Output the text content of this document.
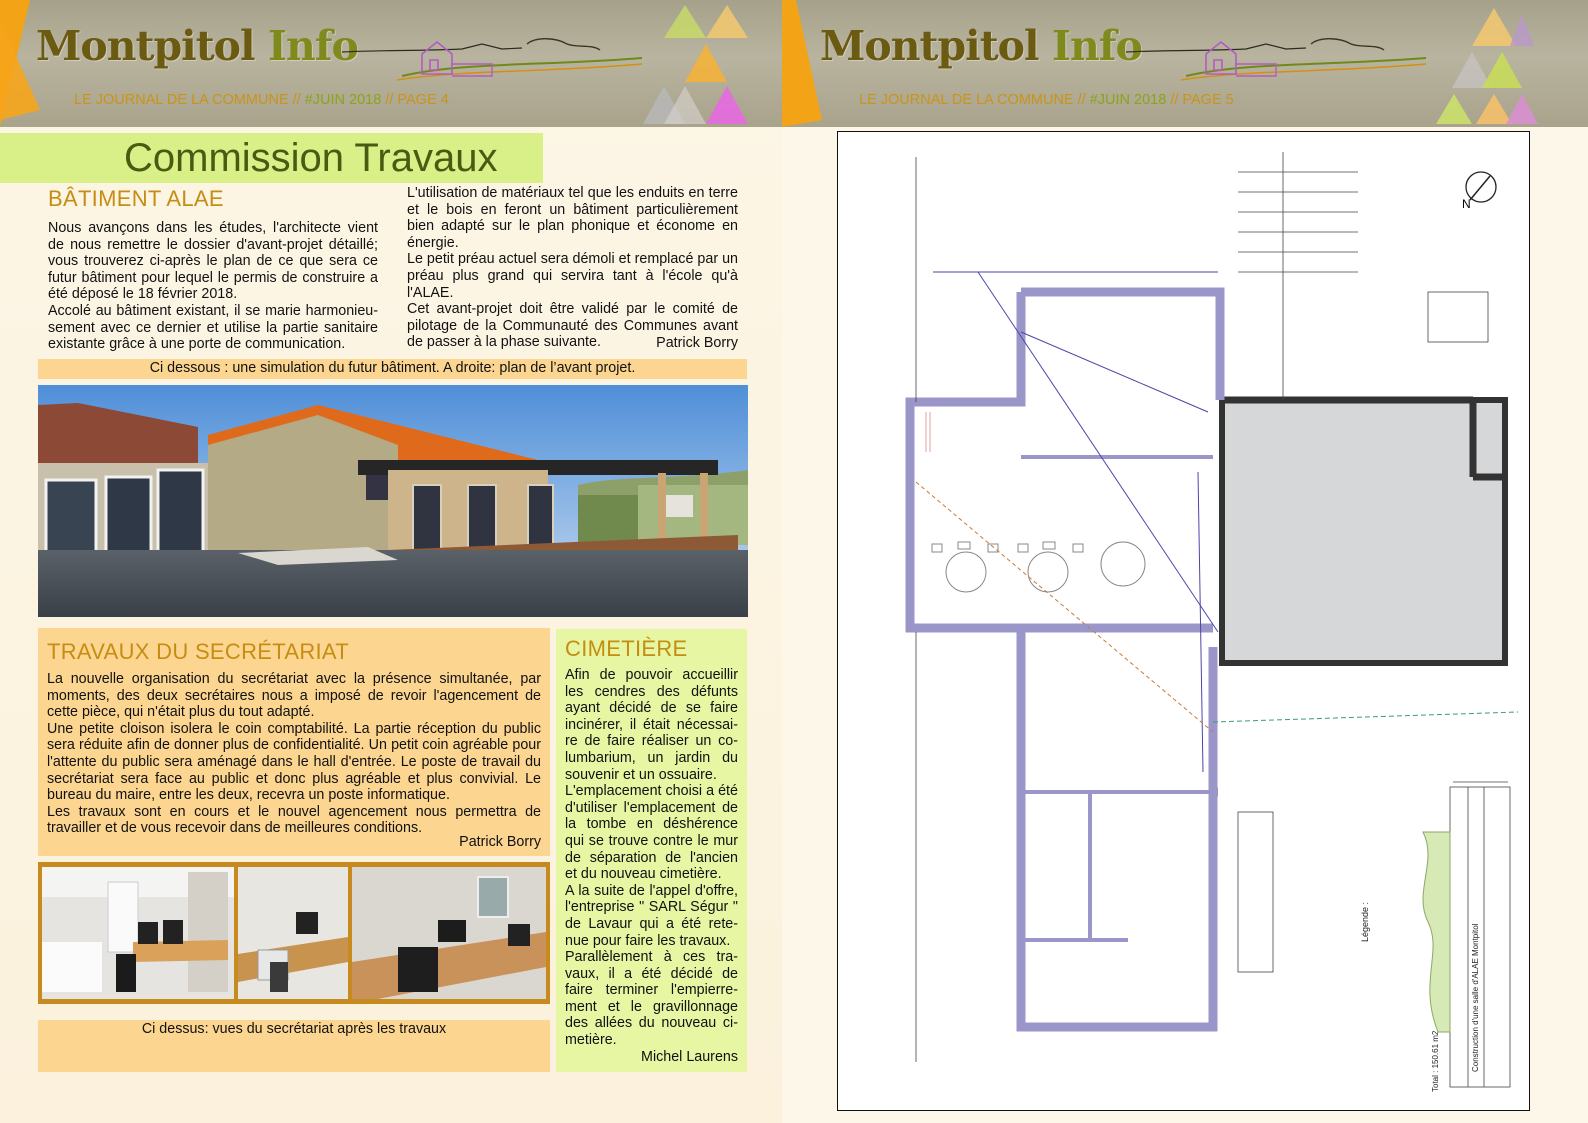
Montpitol Info
LE JOURNAL DE LA COMMUNE // #JUIN 2018 // PAGE 4
Commission Travaux
BÂTIMENT ALAE
Nous avançons dans les études, l'architecte vient de nous remettre le dossier d'avant-projet détaillé; vous trouverez ci-après le plan de ce que sera ce futur bâtiment pour lequel le permis de construire a été déposé le 18 février 2018.
Accolé au bâtiment existant, il se marie harmonieu-sement avec ce dernier et utilise la partie sanitaire existante grâce à une porte de communication.
L'utilisation de matériaux tel que les enduits en terre et le bois en feront un bâtiment particulièrement bien adapté sur le plan phonique et économe en énergie.
Le petit préau actuel sera démoli et remplacé par un préau plus grand qui servira tant à l'école qu'à l'ALAE.
Cet avant-projet doit être validé par le comité de pilotage de la Communauté des Communes avant de passer à la phase suivante.	Patrick Borry
Ci dessous : une simulation du futur bâtiment. A droite: plan de l’avant projet.
TRAVAUX DU SECRÉTARIAT
La nouvelle organisation du secrétariat avec la présence simultanée, par moments, des deux secrétaires nous a imposé de revoir l'agencement de cette pièce, qui n'était plus du tout adapté.
Une petite cloison isolera le coin comptabilité. La partie réception du public sera réduite afin de donner plus de confidentialité. Un petit coin agréable pour l'attente du public sera aménagé dans le hall d'entrée. Le poste de travail du secrétariat sera face au public et donc plus agréable et plus convivial. Le bureau du maire, entre les deux, recevra un poste informatique.
Les travaux sont en cours et le nouvel agencement nous permettra de travailler et de vous recevoir dans de meilleures conditions.
Patrick Borry
Ci dessus: vues du secrétariat après les travaux
CIMETIÈRE
Afin de pouvoir accueillir les cendres des défunts ayant décidé de se faire incinérer, il était nécessai-re de faire réaliser un co-lumbarium, un jardin du souvenir et un ossuaire.
L'emplacement choisi a été d'utiliser l'emplacement de la tombe en déshérence qui se trouve contre le mur de séparation de l'ancien et du nouveau cimetière.
A la suite de l'appel d'offre, l'entreprise " SARL Ségur " de Lavaur qui a été rete-nue pour faire les travaux.
Parallèlement à ces tra-vaux, il a été décidé de faire terminer l'empierre-ment et le gravillonnage des allées du nouveau ci-metière.
Michel Laurens
Montpitol Info
LE JOURNAL DE LA COMMUNE // #JUIN 2018 // PAGE 5
N
Légende :
Total : 150.61 m2	Construction d'une salle d'ALAE Montpitol
